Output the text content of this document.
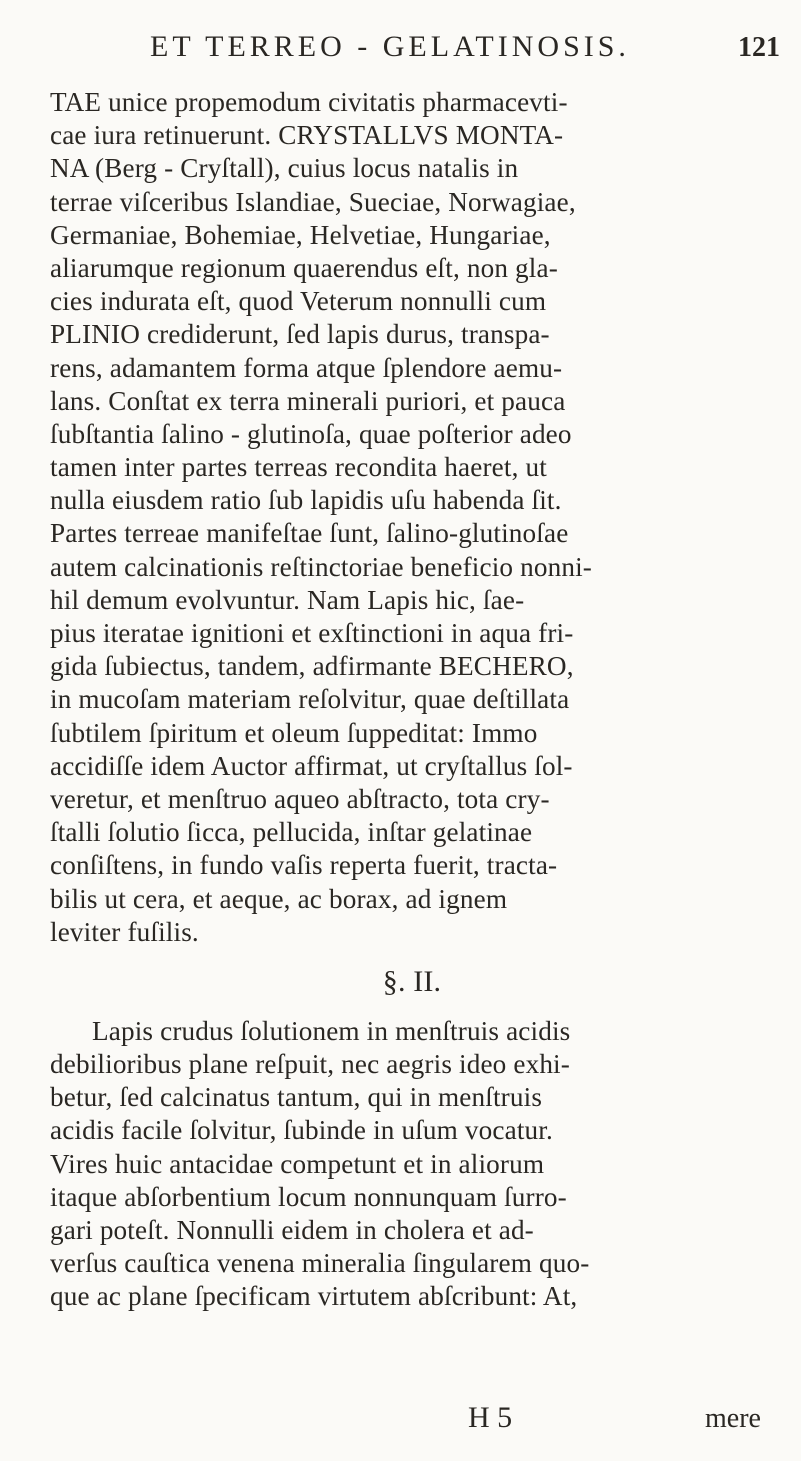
ET TERREO - GELATINOSIS.	121
TAE unice propemodum civitatis pharmacevti-
cae iura retinuerunt. CRYSTALLVS MONTA-
NA (Berg - Cryſtall), cuius locus natalis in
terrae viſceribus Islandiae, Sueciae, Norwagiae,
Germaniae, Bohemiae, Helvetiae, Hungariae,
aliarumque regionum quaerendus eſt, non gla-
cies indurata eſt, quod Veterum nonnulli cum
PLINIO crediderunt, ſed lapis durus, transpa-
rens, adamantem forma atque ſplendore aemu-
lans. Conſtat ex terra minerali puriori, et pauca
ſubſtantia ſalino - glutinoſa, quae poſterior adeo
tamen inter partes terreas recondita haeret, ut
nulla eiusdem ratio ſub lapidis uſu habenda ſit.
Partes terreae manifeſtae ſunt, ſalino-glutinoſae
autem calcinationis reſtinctoriae beneficio nonni-
hil demum evolvuntur. Nam Lapis hic, ſae-
pius iteratae ignitioni et exſtinctioni in aqua fri-
gida ſubiectus, tandem, adfirmante BECHERO,
in mucoſam materiam reſolvitur, quae deſtillata
ſubtilem ſpiritum et oleum ſuppeditat: Immo
accidiſſe idem Auctor affirmat, ut cryſtallus ſol-
veretur, et menſtruo aqueo abſtracto, tota cry-
ſtalli ſolutio ſicca, pellucida, inſtar gelatinae
conſiſtens, in fundo vaſis reperta fuerit, tracta-
bilis ut cera, et aeque, ac borax, ad ignem
leviter fuſilis.
§. II.
Lapis crudus ſolutionem in menſtruis acidis
debilioribus plane reſpuit, nec aegris ideo exhi-
betur, ſed calcinatus tantum, qui in menſtruis
acidis facile ſolvitur, ſubinde in uſum vocatur.
Vires huic antacidae competunt et in aliorum
itaque abſorbentium locum nonnunquam ſurro-
gari poteſt. Nonnulli eidem in cholera et ad-
verſus cauſtica venena mineralia ſingularem quo-
que ac plane ſpecificam virtutem abſcribunt: At,
H 5	mere
